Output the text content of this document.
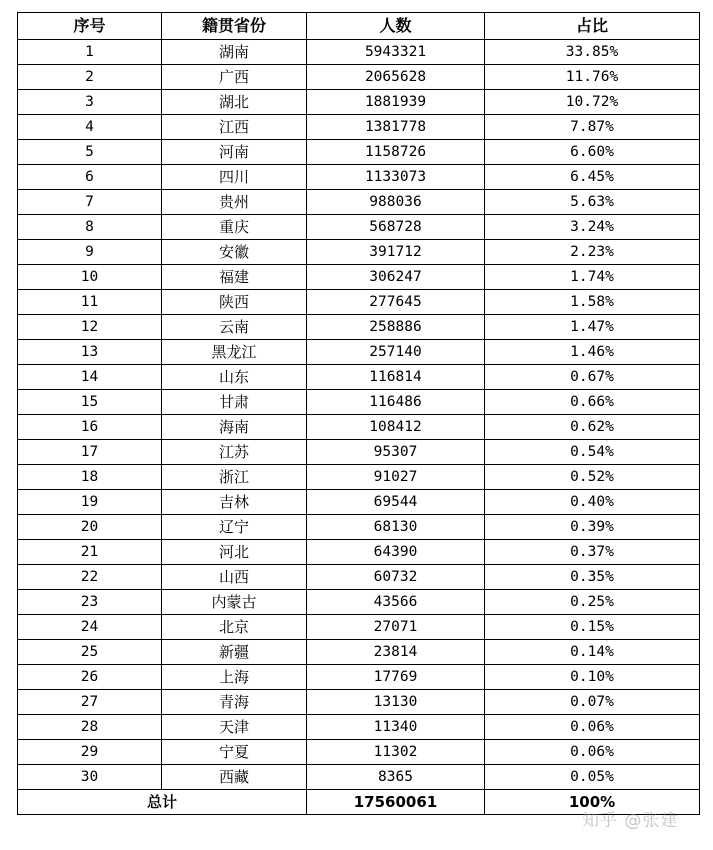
序号	籍贯省份	人数	占比
1	湖南	5943321	33.85%
2	广西	2065628	11.76%
3	湖北	1881939	10.72%
4	江西	1381778	7.87%
5	河南	1158726	6.60%
6	四川	1133073	6.45%
7	贵州	988036	5.63%
8	重庆	568728	3.24%
9	安徽	391712	2.23%
10	福建	306247	1.74%
11	陕西	277645	1.58%
12	云南	258886	1.47%
13	黑龙江	257140	1.46%
14	山东	116814	0.67%
15	甘肃	116486	0.66%
16	海南	108412	0.62%
17	江苏	95307	0.54%
18	浙江	91027	0.52%
19	吉林	69544	0.40%
20	辽宁	68130	0.39%
21	河北	64390	0.37%
22	山西	60732	0.35%
23	内蒙古	43566	0.25%
24	北京	27071	0.15%
25	新疆	23814	0.14%
26	上海	17769	0.10%
27	青海	13130	0.07%
28	天津	11340	0.06%
29	宁夏	11302	0.06%
30	西藏	8365	0.05%
总计		17560061	100%
知乎 @张建
